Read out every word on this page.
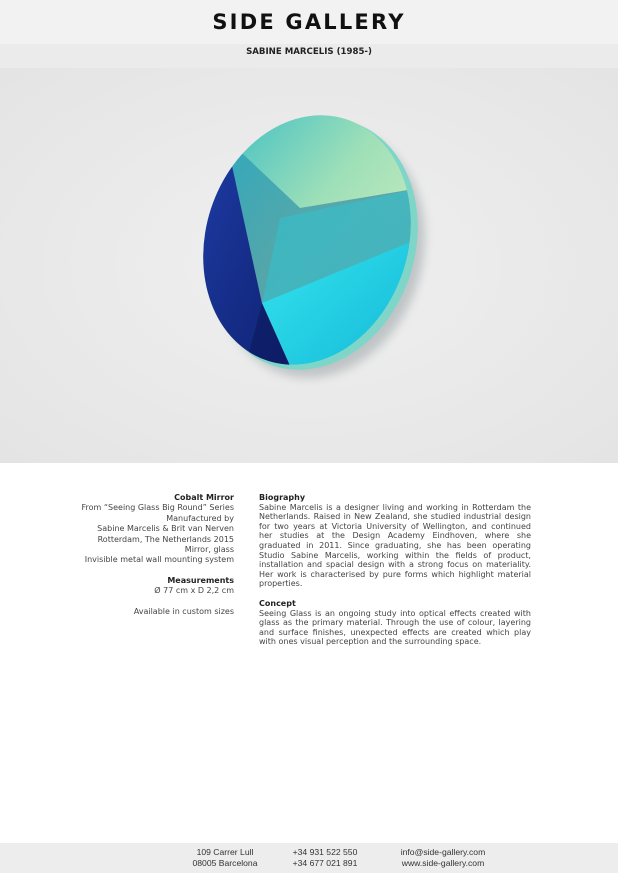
SIDE GALLERY
SABINE MARCELIS (1985-)
Cobalt Mirror
From “Seeing Glass Big Round” Series
Manufactured by
Sabine Marcelis & Brit van Nerven
Rotterdam, The Netherlands 2015
Mirror, glass
Invisible metal wall mounting system
Measurements
Ø 77 cm x D 2,2 cm
Available in custom sizes
Biography

Sabine Marcelis is a designer living and working in Rotterdam the Netherlands. Raised in New Zealand, she studied industrial design for two years at Victoria University of Wellington, and continued her studies at the Design Academy Eindhoven, where she graduated in 2011. Since graduating, she has been operating Studio Sabine Marcelis, working within the fields of product, installation and spacial design with a strong focus on materiality. Her work is characterised by pure forms which highlight material properties.

Concept

Seeing Glass is an ongoing study into optical effects created with glass as the primary material. Through the use of colour, layering and surface finishes, unexpected effects are created which play with ones visual perception and the surrounding space.

109 Carrer Lull
08005 Barcelona
+34 931 522 550
+34 677 021 891
info@side-gallery.com
www.side-gallery.com
